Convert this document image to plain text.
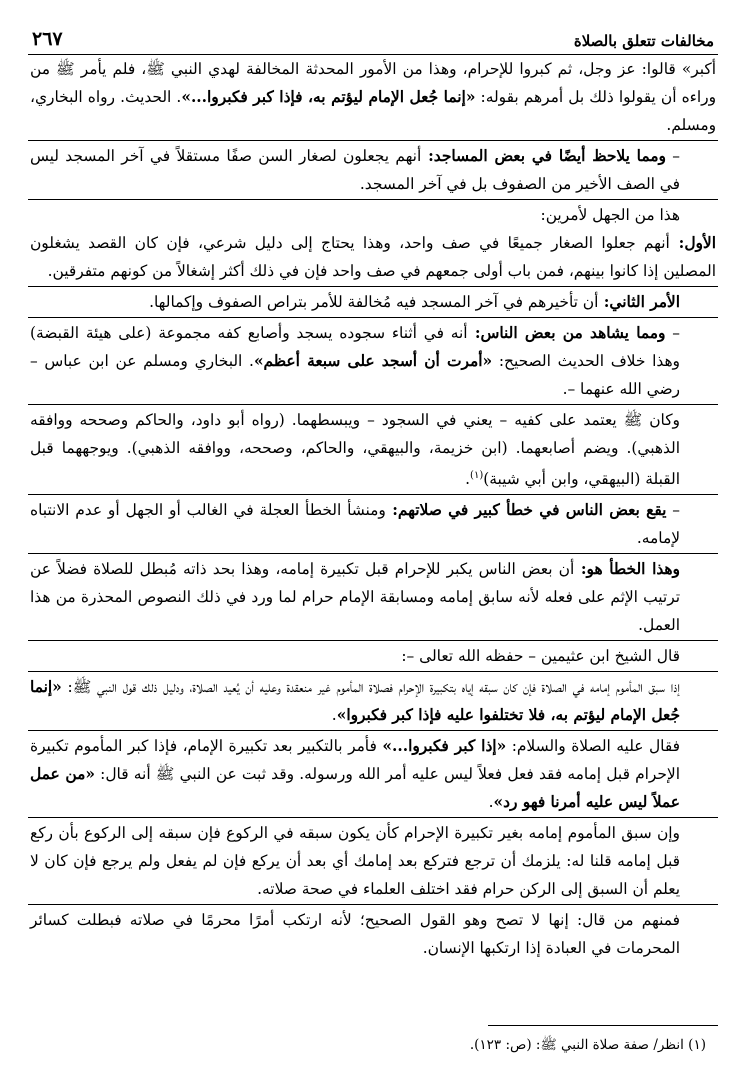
مخالفات تتعلق بالصلاة
٢٦٧
أكبر» قالوا: عز وجل، ثم كبروا للإحرام، وهذا من الأمور المحدثة المخالفة لهدي النبي ﷺ، فلم يأمر ﷺ من وراءه أن يقولوا ذلك بل أمرهم بقوله: «إنما جُعل الإمام ليؤتم به، فإذا كبر فكبروا...». الحديث. رواه البخاري، ومسلم.
– ومما يلاحظ أيضًا في بعض المساجد: أنهم يجعلون لصغار السن صفًا مستقلاً في آخر المسجد ليس في الصف الأخير من الصفوف بل في آخر المسجد.
هذا من الجهل لأمرين:
الأول: أنهم جعلوا الصغار جميعًا في صف واحد، وهذا يحتاج إلى دليل شرعي، فإن كان القصد يشغلون المصلين إذا كانوا بينهم، فمن باب أولى جمعهم في صف واحد فإن في ذلك أكثر إشغالاً من كونهم متفرقين.
الأمر الثاني: أن تأخيرهم في آخر المسجد فيه مُخالفة للأمر بتراص الصفوف وإكمالها.
– ومما يشاهد من بعض الناس: أنه في أثناء سجوده يسجد وأصابع كفه مجموعة (على هيئة القبضة) وهذا خلاف الحديث الصحيح: «أمرت أن أسجد على سبعة أعظم». البخاري ومسلم عن ابن عباس – رضي الله عنهما –.
وكان ﷺ يعتمد على كفيه – يعني في السجود – ويبسطهما. (رواه أبو داود، والحاكم وصححه ووافقه الذهبي). ويضم أصابعهما. (ابن خزيمة، والبيهقي، والحاكم، وصححه، ووافقه الذهبي). ويوجههما قبل القبلة (البيهقي، وابن أبي شيبة)$^{(١)}$.
– يقع بعض الناس في خطأ كبير في صلاتهم: ومنشأ الخطأ العجلة في الغالب أو الجهل أو عدم الانتباه لإمامه.
وهذا الخطأ هو: أن بعض الناس يكبر للإحرام قبل تكبيرة إمامه، وهذا بحد ذاته مُبطل للصلاة فضلاً عن ترتيب الإثم على فعله لأنه سابق إمامه ومسابقة الإمام حرام لما ورد في ذلك النصوص المحذرة من هذا العمل.
قال الشيخ ابن عثيمين – حفظه الله تعالى –:
إذا سبق المأموم إمامه في الصلاة فإن كان سبقه إياه بتكبيرة الإحرام فصلاة المأموم غير منعقدة وعليه أن يُعيد الصلاة، ودليل ذلك قول النبي ﷺ: «إنما جُعل الإمام ليؤتم به، فلا تختلفوا عليه فإذا كبر فكبروا».
فقال عليه الصلاة والسلام: «إذا كبر فكبروا...» فأمر بالتكبير بعد تكبيرة الإمام، فإذا كبر المأموم تكبيرة الإحرام قبل إمامه فقد فعل فعلاً ليس عليه أمر الله ورسوله. وقد ثبت عن النبي ﷺ أنه قال: «من عمل عملاً ليس عليه أمرنا فهو رد».
وإن سبق المأموم إمامه بغير تكبيرة الإحرام كأن يكون سبقه في الركوع فإن سبقه إلى الركوع بأن ركع قبل إمامه قلنا له: يلزمك أن ترجع فتركع بعد إمامك أي بعد أن يركع فإن لم يفعل ولم يرجع فإن كان لا يعلم أن السبق إلى الركن حرام فقد اختلف العلماء في صحة صلاته.
فمنهم من قال: إنها لا تصح وهو القول الصحيح؛ لأنه ارتكب أمرًا محرمًا في صلاته فبطلت كسائر المحرمات في العبادة إذا ارتكبها الإنسان.
(١) انظر/ صفة صلاة النبي ﷺ: (ص: ١٢٣).
